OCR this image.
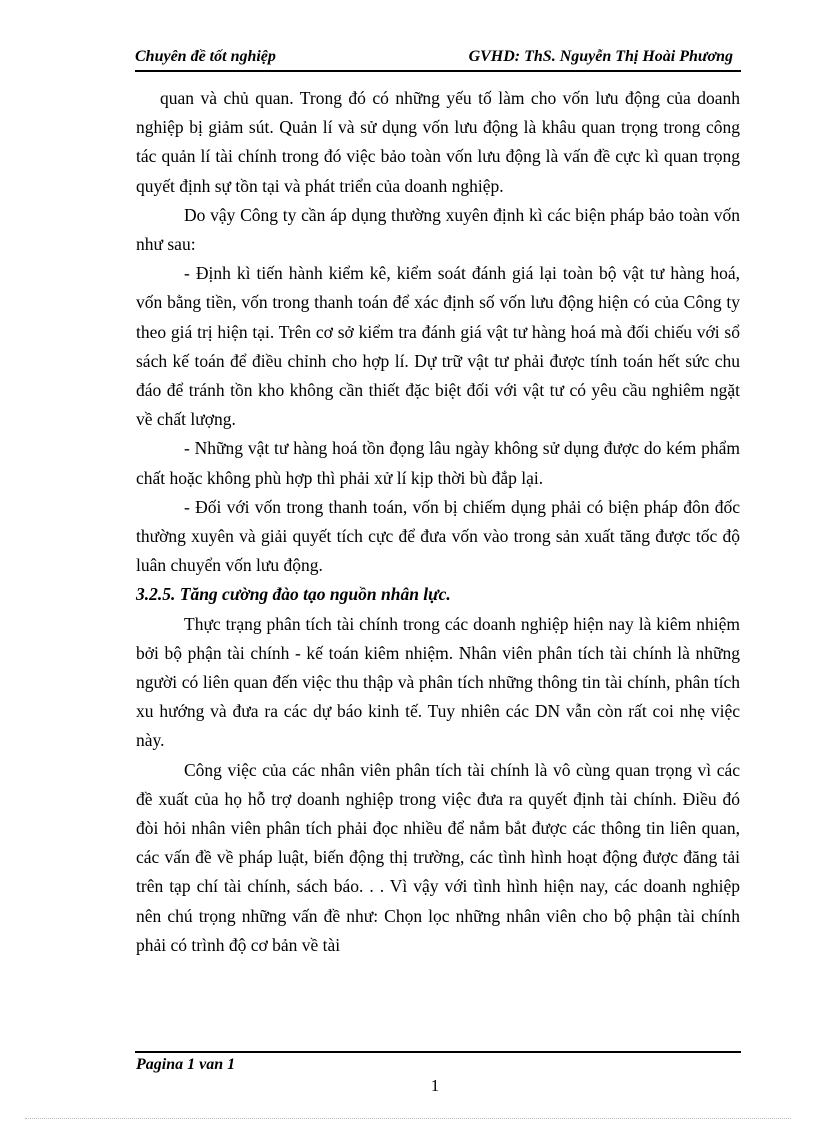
Chuyên đề tốt nghiệp	GVHD: ThS. Nguyễn Thị Hoài Phương

quan và chủ quan. Trong đó có những yếu tố làm cho vốn lưu động của doanh nghiệp bị giảm sút. Quản lí và sử dụng vốn lưu động là khâu quan trọng trong công tác quản lí tài chính trong đó việc bảo toàn vốn lưu động là vấn đề cực kì quan trọng quyết định sự tồn tại và phát triển của doanh nghiệp.

Do vậy Công ty cần áp dụng thường xuyên định kì các biện pháp bảo toàn vốn như sau:

- Định kì tiến hành kiểm kê, kiểm soát đánh giá lại toàn bộ vật tư hàng hoá, vốn bằng tiền, vốn trong thanh toán để xác định số vốn lưu động hiện có của Công ty theo giá trị hiện tại. Trên cơ sở kiểm tra đánh giá vật tư hàng hoá mà đối chiếu với sổ sách kế toán để điều chỉnh cho hợp lí. Dự trữ vật tư phải được tính toán hết sức chu đáo để tránh tồn kho không cần thiết đặc biệt đối với vật tư có yêu cầu nghiêm ngặt về chất lượng.

- Những vật tư hàng hoá tồn đọng lâu ngày không sử dụng được do kém phẩm chất hoặc không phù hợp thì phải xử lí kịp thời bù đắp lại.

- Đối với vốn trong thanh toán, vốn bị chiếm dụng phải có biện pháp đôn đốc thường xuyên và giải quyết tích cực để đưa vốn vào trong sản xuất tăng được tốc độ luân chuyển vốn lưu động.

3.2.5. Tăng cường đào tạo nguồn nhân lực.

Thực trạng phân tích tài chính trong các doanh nghiệp hiện nay là kiêm nhiệm bởi bộ phận tài chính - kế toán kiêm nhiệm. Nhân viên phân tích tài chính là những người có liên quan đến việc thu thập và phân tích những thông tin tài chính, phân tích xu hướng và đưa ra các dự báo kinh tế. Tuy nhiên các DN vẫn còn rất coi nhẹ việc này.

Công việc của các nhân viên phân tích tài chính là vô cùng quan trọng vì các đề xuất của họ hỗ trợ doanh nghiệp trong việc đưa ra quyết định tài chính. Điều đó đòi hỏi nhân viên phân tích phải đọc nhiều để nắm bắt được các thông tin liên quan, các vấn đề về pháp luật, biến động thị trường, các tình hình hoạt động được đăng tải trên tạp chí tài chính, sách báo. . . Vì vậy với tình hình hiện nay, các doanh nghiệp nên chú trọng những vấn đề như: Chọn lọc những nhân viên cho bộ phận tài chính phải có trình độ cơ bản về tài

Pagina 1 van 1
1
